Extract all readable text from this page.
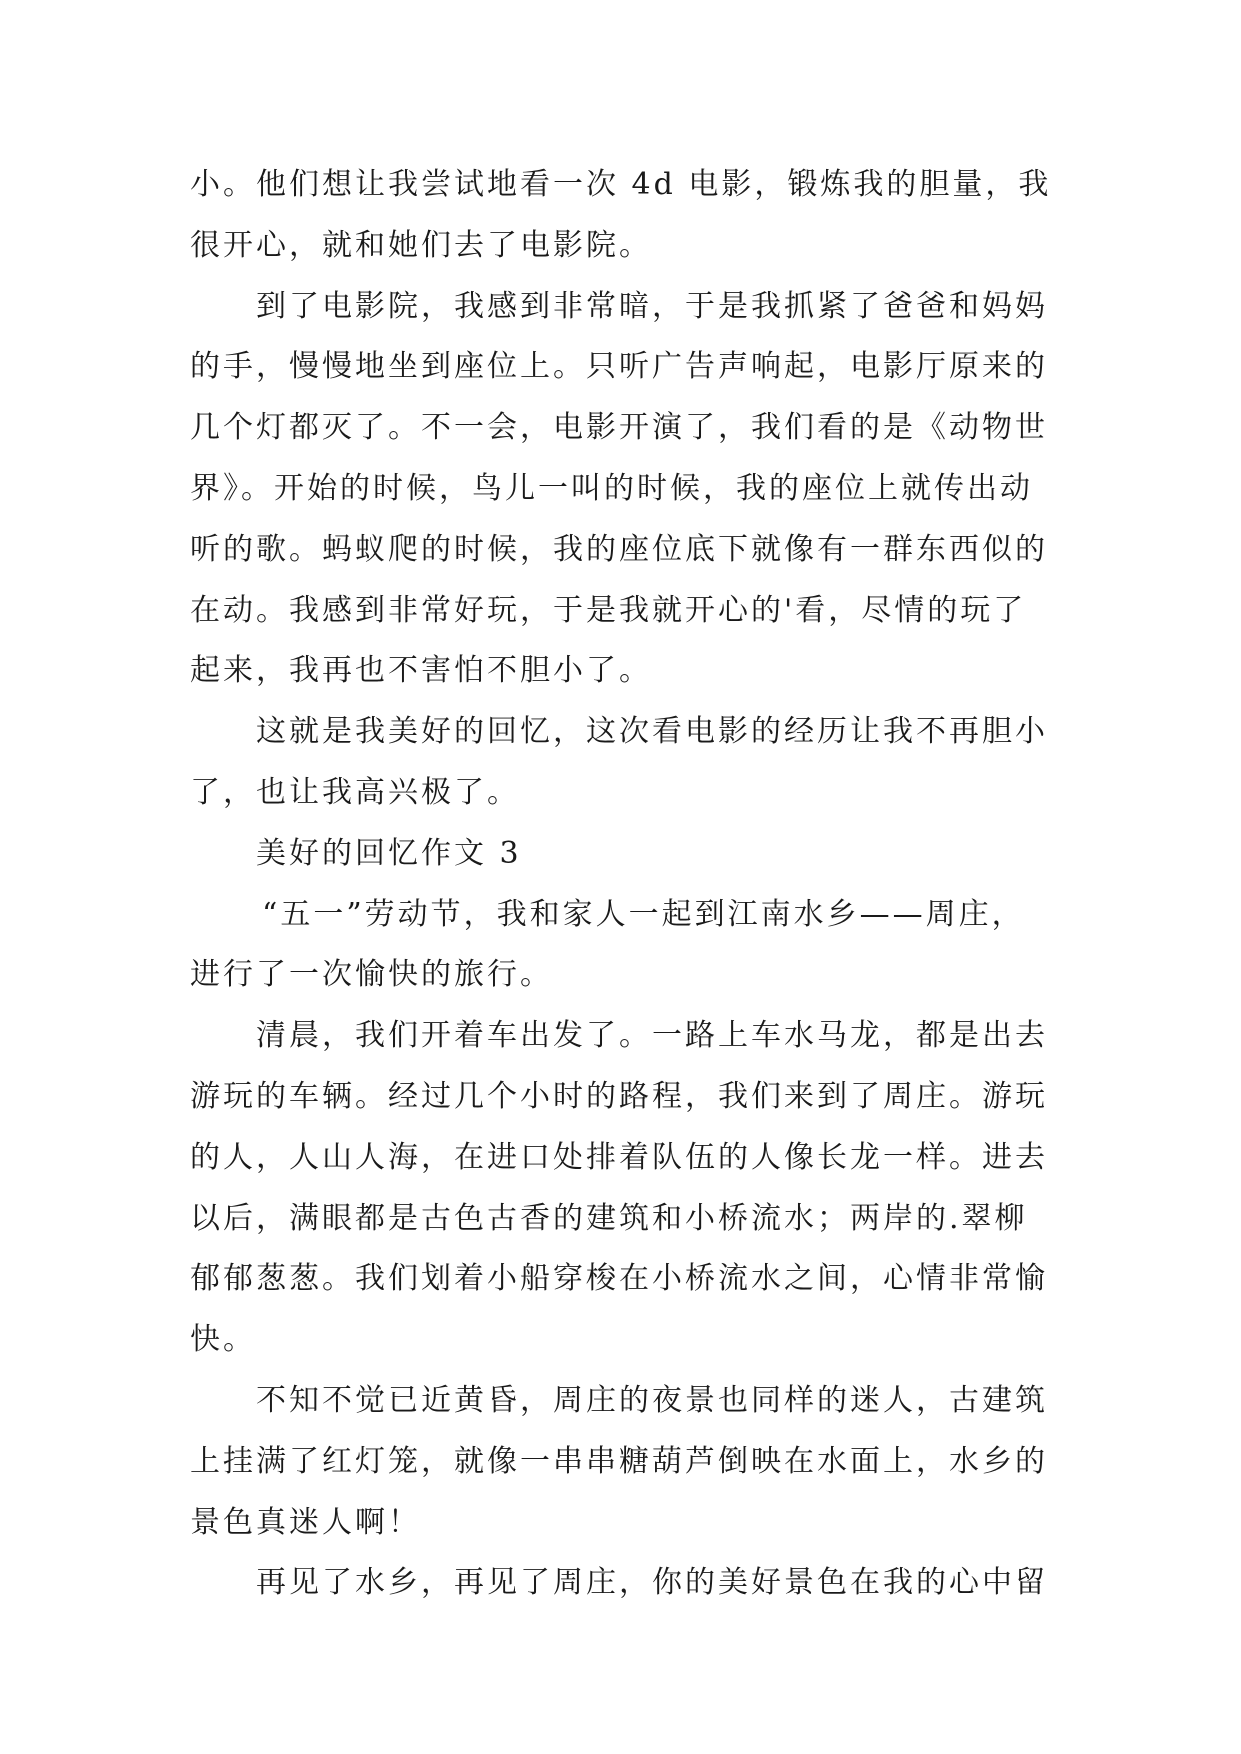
小。他们想让我尝试地看一次 4d 电影，锻炼我的胆量，我
很开心，就和她们去了电影院。
到了电影院，我感到非常暗，于是我抓紧了爸爸和妈妈
的手，慢慢地坐到座位上。只听广告声响起，电影厅原来的
几个灯都灭了。不一会，电影开演了，我们看的是《动物世
界》。开始的时候，鸟儿一叫的时候，我的座位上就传出动
听的歌。蚂蚁爬的时候，我的座位底下就像有一群东西似的
在动。我感到非常好玩，于是我就开心的'看，尽情的玩了
起来，我再也不害怕不胆小了。
这就是我美好的回忆，这次看电影的经历让我不再胆小
了，也让我高兴极了。
美好的回忆作文 3
“五一”劳动节，我和家人一起到江南水乡——周庄，
进行了一次愉快的旅行。
清晨，我们开着车出发了。一路上车水马龙，都是出去
游玩的车辆。经过几个小时的路程，我们来到了周庄。游玩
的人，人山人海，在进口处排着队伍的人像长龙一样。进去
以后，满眼都是古色古香的建筑和小桥流水；两岸的.翠柳
郁郁葱葱。我们划着小船穿梭在小桥流水之间，心情非常愉
快。
不知不觉已近黄昏，周庄的夜景也同样的迷人，古建筑
上挂满了红灯笼，就像一串串糖葫芦倒映在水面上，水乡的
景色真迷人啊！
再见了水乡，再见了周庄，你的美好景色在我的心中留
